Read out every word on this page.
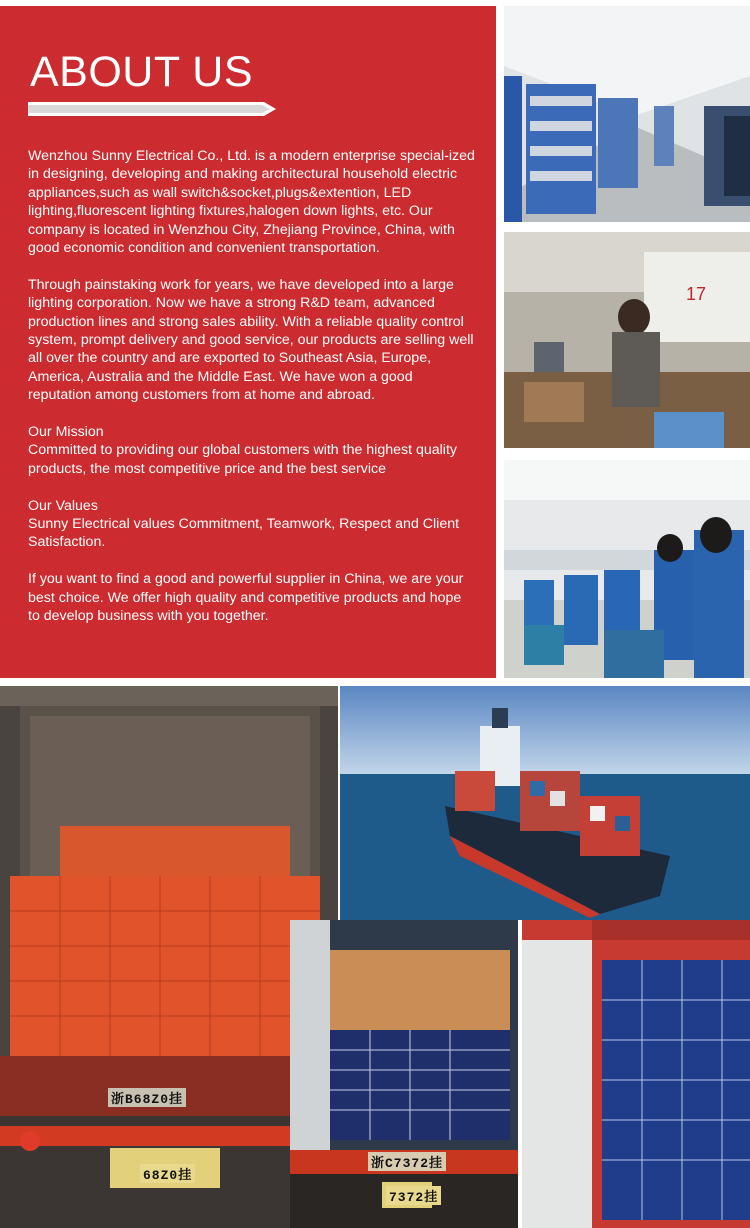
ABOUT US

Wenzhou Sunny Electrical Co., Ltd. is a modern enterprise special-ized in designing, developing and making architectural household electric appliances,such as wall switch&socket,plugs&extention, LED lighting,fluorescent lighting fixtures,halogen down lights, etc. Our company is located in Wenzhou City, Zhejiang Province, China, with good economic condition and convenient transportation.

Through painstaking work for years, we have developed into a large lighting corporation. Now we have a strong R&D team, advanced production lines and strong sales ability. With a reliable quality control system, prompt delivery and good service, our products are selling well all over the country and are exported to Southeast Asia, Europe, America, Australia and the Middle East. We have won a good reputation among customers from at home and abroad.

Our Mission

Committed to providing our global customers with the highest quality products, the most competitive price and the best service

Our Values

Sunny Electrical values Commitment, Teamwork, Respect and Client Satisfaction.

If you want to find a good and powerful supplier in China, we are your best choice. We offer high quality and competitive products and hope to develop business with you together.

17
浙B68Z0挂
68Z0挂
浙C7372挂
7372挂
